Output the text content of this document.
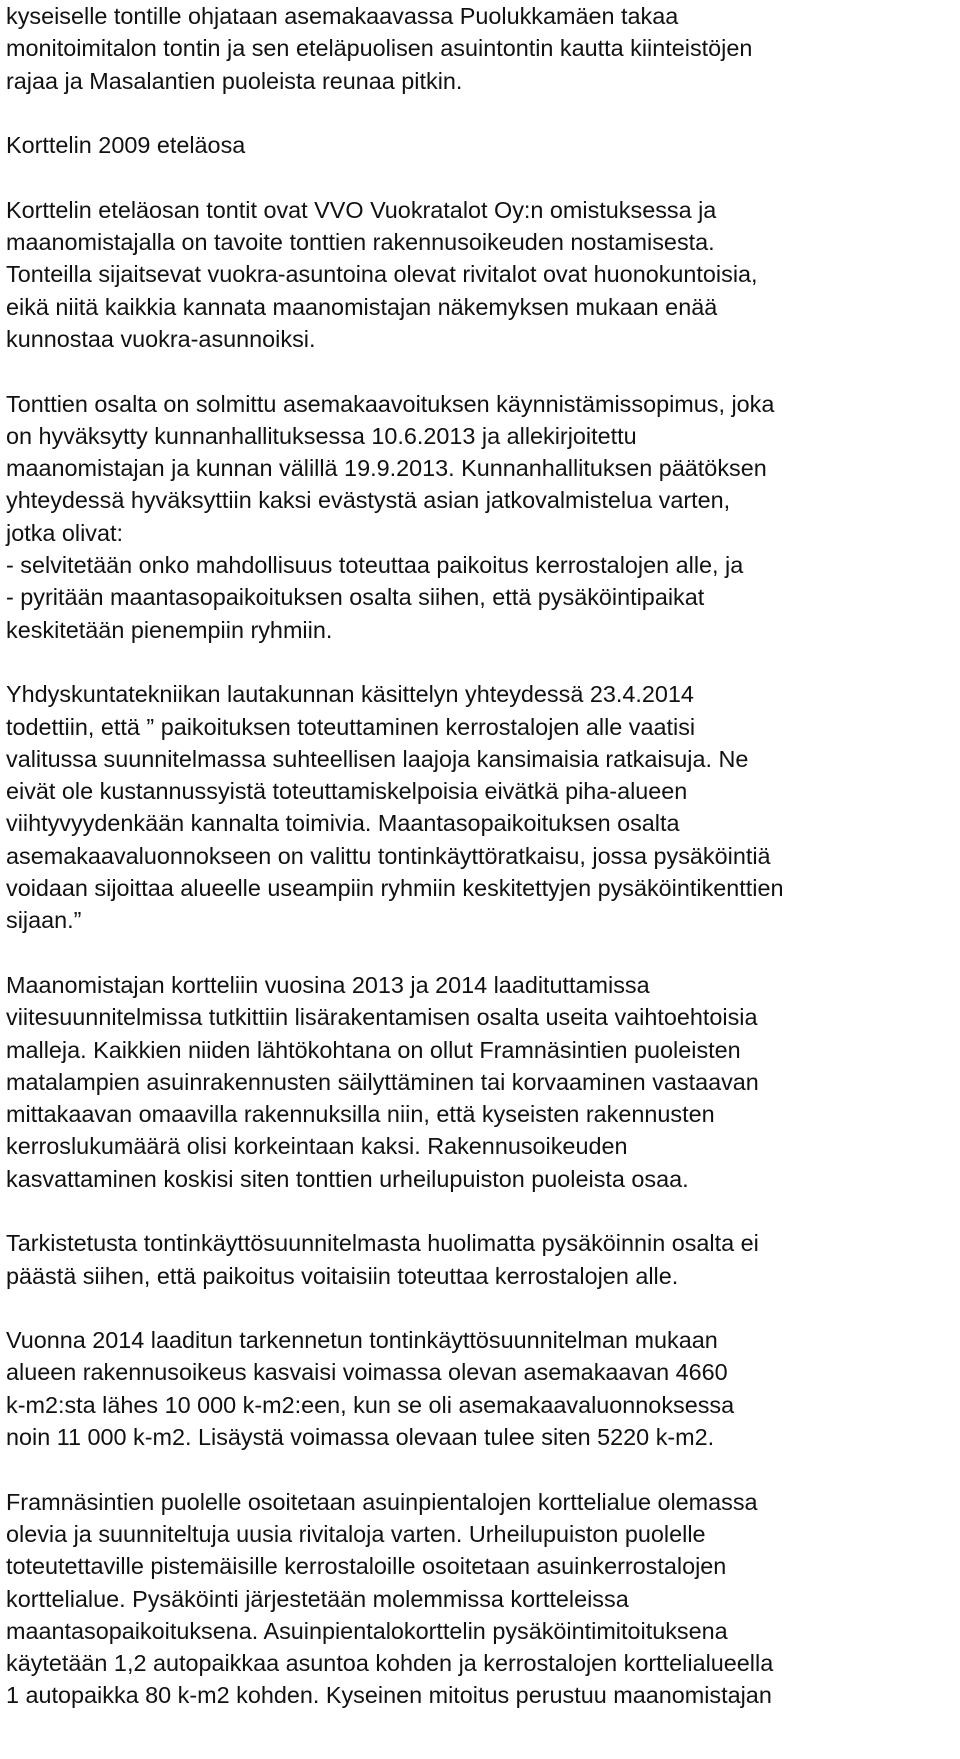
kyseiselle tontille ohjataan asemakaavassa Puolukkamäen takaa
monitoimitalon tontin ja sen eteläpuolisen asuintontin kautta kiinteistöjen
rajaa ja Masalantien puoleista reunaa pitkin.
Korttelin 2009 eteläosa
Korttelin eteläosan tontit ovat VVO Vuokratalot Oy:n omistuksessa ja
maanomistajalla on tavoite tonttien rakennusoikeuden nostamisesta.
Tonteilla sijaitsevat vuokra-asuntoina olevat rivitalot ovat huonokuntoisia,
eikä niitä kaikkia kannata maanomistajan näkemyksen mukaan enää
kunnostaa vuokra-asunnoiksi.
Tonttien osalta on solmittu asemakaavoituksen käynnistämissopimus, joka
on hyväksytty kunnanhallituksessa 10.6.2013 ja allekirjoitettu
maanomistajan ja kunnan välillä 19.9.2013. Kunnanhallituksen päätöksen
yhteydessä hyväksyttiin kaksi evästystä asian jatkovalmistelua varten,
jotka olivat:
- selvitetään onko mahdollisuus toteuttaa paikoitus kerrostalojen alle, ja
- pyritään maantasopaikoituksen osalta siihen, että pysäköintipaikat
keskitetään pienempiin ryhmiin.
Yhdyskuntatekniikan lautakunnan käsittelyn yhteydessä 23.4.2014
todettiin, että ” paikoituksen toteuttaminen kerrostalojen alle vaatisi
valitussa suunnitelmassa suhteellisen laajoja kansimaisia ratkaisuja. Ne
eivät ole kustannussyistä toteuttamiskelpoisia eivätkä piha-alueen
viihtyvyydenkään kannalta toimivia. Maantasopaikoituksen osalta
asemakaavaluonnokseen on valittu tontinkäyttöratkaisu, jossa pysäköintiä
voidaan sijoittaa alueelle useampiin ryhmiin keskitettyjen pysäköintikenttien
sijaan.”
Maanomistajan kortteliin vuosina 2013 ja 2014 laadituttamissa
viitesuunnitelmissa tutkittiin lisärakentamisen osalta useita vaihtoehtoisia
malleja. Kaikkien niiden lähtökohtana on ollut Framnäsintien puoleisten
matalampien asuinrakennusten säilyttäminen tai korvaaminen vastaavan
mittakaavan omaavilla rakennuksilla niin, että kyseisten rakennusten
kerroslukumäärä olisi korkeintaan kaksi. Rakennusoikeuden
kasvattaminen koskisi siten tonttien urheilupuiston puoleista osaa.
Tarkistetusta tontinkäyttösuunnitelmasta huolimatta pysäköinnin osalta ei
päästä siihen, että paikoitus voitaisiin toteuttaa kerrostalojen alle.
Vuonna 2014 laaditun tarkennetun tontinkäyttösuunnitelman mukaan
alueen rakennusoikeus kasvaisi voimassa olevan asemakaavan 4660
k-m2:sta lähes 10 000 k-m2:een, kun se oli asemakaavaluonnoksessa
noin 11 000 k-m2. Lisäystä voimassa olevaan tulee siten 5220 k-m2.
Framnäsintien puolelle osoitetaan asuinpientalojen korttelialue olemassa
olevia ja suunniteltuja uusia rivitaloja varten. Urheilupuiston puolelle
toteutettaville pistemäisille kerrostaloille osoitetaan asuinkerrostalojen
korttelialue. Pysäköinti järjestetään molemmissa kortteleissa
maantasopaikoituksena. Asuinpientalokorttelin pysäköintimitoituksena
käytetään 1,2 autopaikkaa asuntoa kohden ja kerrostalojen korttelialueella
1 autopaikka 80 k-m2 kohden. Kyseinen mitoitus perustuu maanomistajan
